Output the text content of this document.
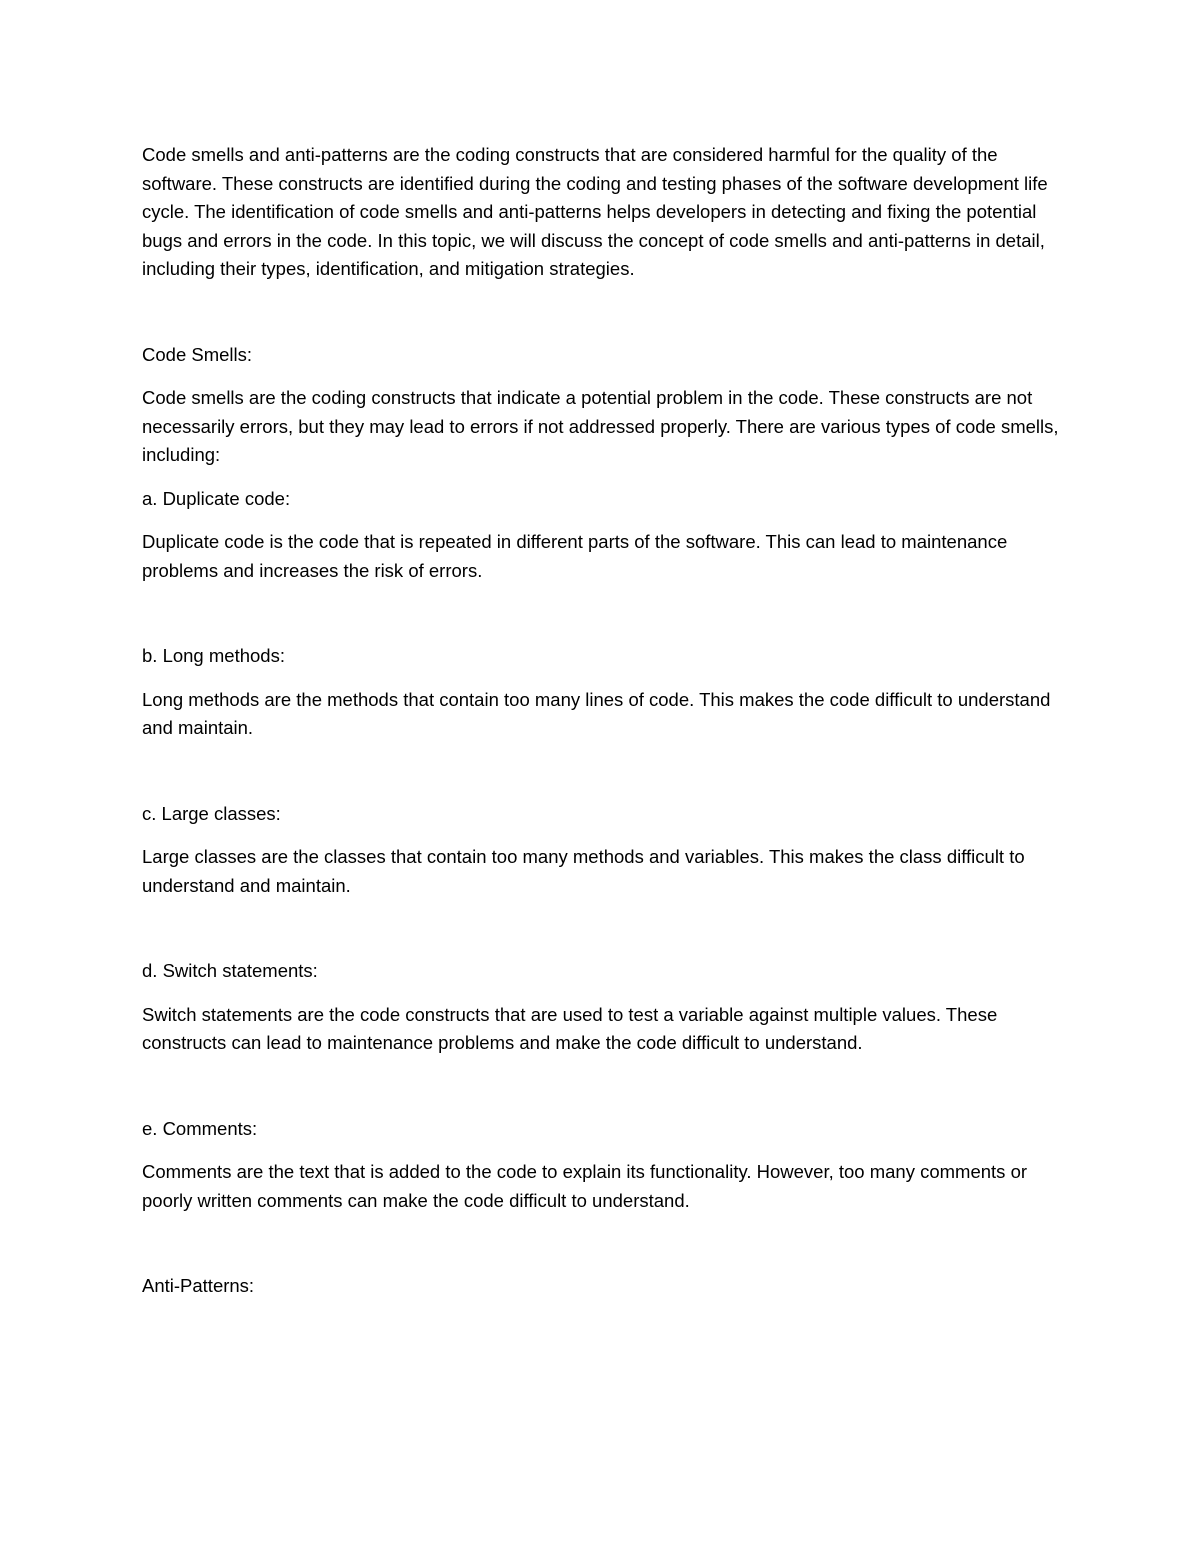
Code smells and anti-patterns are the coding constructs that are considered harmful for the quality of the software. These constructs are identified during the coding and testing phases of the software development life cycle. The identification of code smells and anti-patterns helps developers in detecting and fixing the potential bugs and errors in the code. In this topic, we will discuss the concept of code smells and anti-patterns in detail, including their types, identification, and mitigation strategies.

Code Smells:

Code smells are the coding constructs that indicate a potential problem in the code. These constructs are not necessarily errors, but they may lead to errors if not addressed properly. There are various types of code smells, including:

a. Duplicate code:

Duplicate code is the code that is repeated in different parts of the software. This can lead to maintenance problems and increases the risk of errors.

b. Long methods:

Long methods are the methods that contain too many lines of code. This makes the code difficult to understand and maintain.

c. Large classes:

Large classes are the classes that contain too many methods and variables. This makes the class difficult to understand and maintain.

d. Switch statements:

Switch statements are the code constructs that are used to test a variable against multiple values. These constructs can lead to maintenance problems and make the code difficult to understand.

e. Comments:

Comments are the text that is added to the code to explain its functionality. However, too many comments or poorly written comments can make the code difficult to understand.

Anti-Patterns:
